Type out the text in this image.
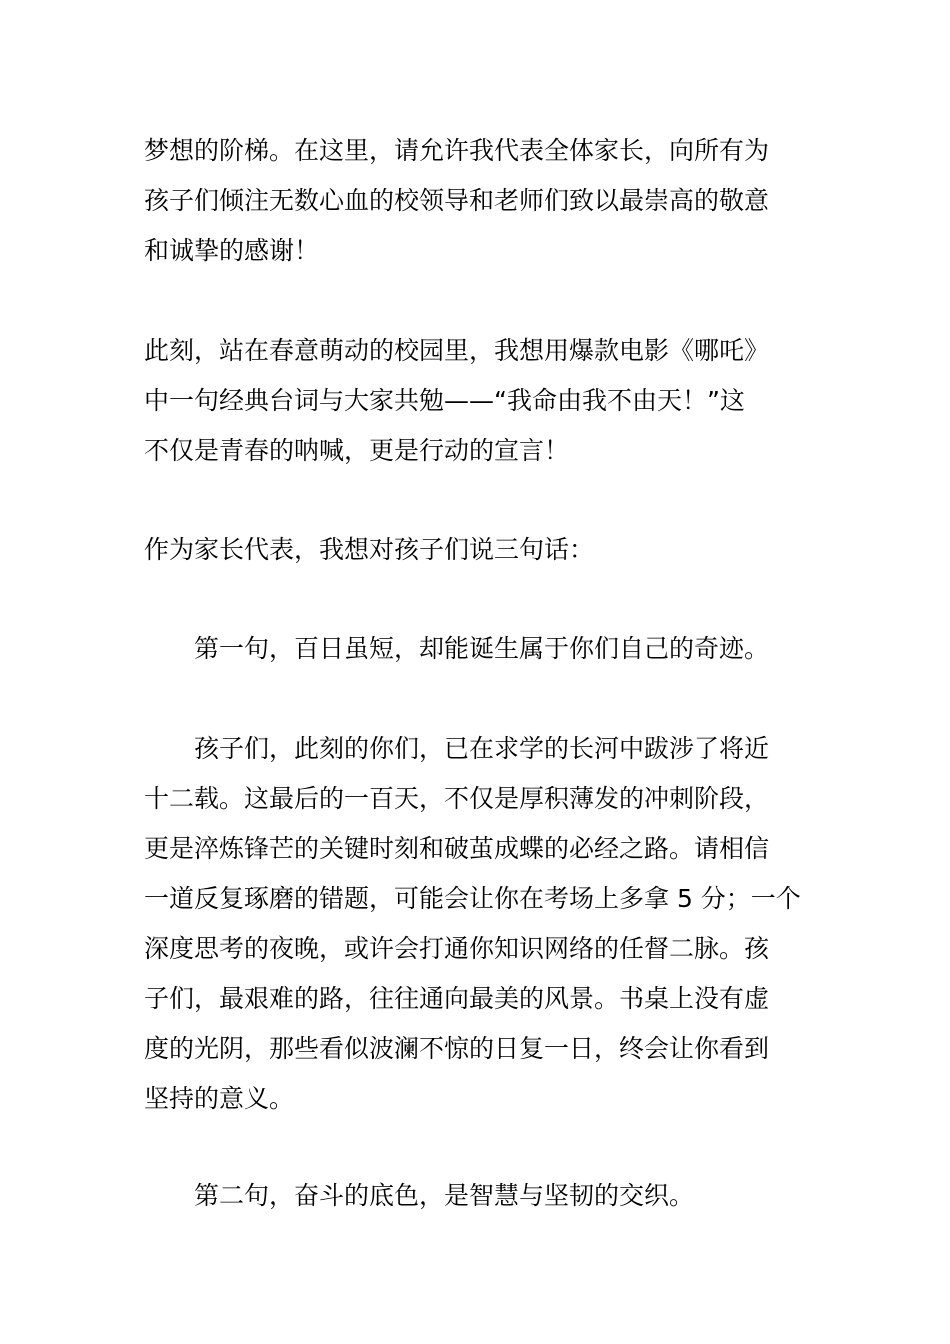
梦想的阶梯。在这里，请允许我代表全体家长，向所有为
孩子们倾注无数心血的校领导和老师们致以最崇高的敬意
和诚挚的感谢！
此刻，站在春意萌动的校园里，我想用爆款电影《哪吒》
中一句经典台词与大家共勉——“我命由我不由天！”这
不仅是青春的呐喊，更是行动的宣言！
作为家长代表，我想对孩子们说三句话：
第一句，百日虽短，却能诞生属于你们自己的奇迹。
孩子们，此刻的你们，已在求学的长河中跋涉了将近
十二载。这最后的一百天，不仅是厚积薄发的冲刺阶段，
更是淬炼锋芒的关键时刻和破茧成蝶的必经之路。请相信
一道反复琢磨的错题，可能会让你在考场上多拿 5 分；一个
深度思考的夜晚，或许会打通你知识网络的任督二脉。孩
子们，最艰难的路，往往通向最美的风景。书桌上没有虚
度的光阴，那些看似波澜不惊的日复一日，终会让你看到
坚持的意义。
第二句，奋斗的底色，是智慧与坚韧的交织。
